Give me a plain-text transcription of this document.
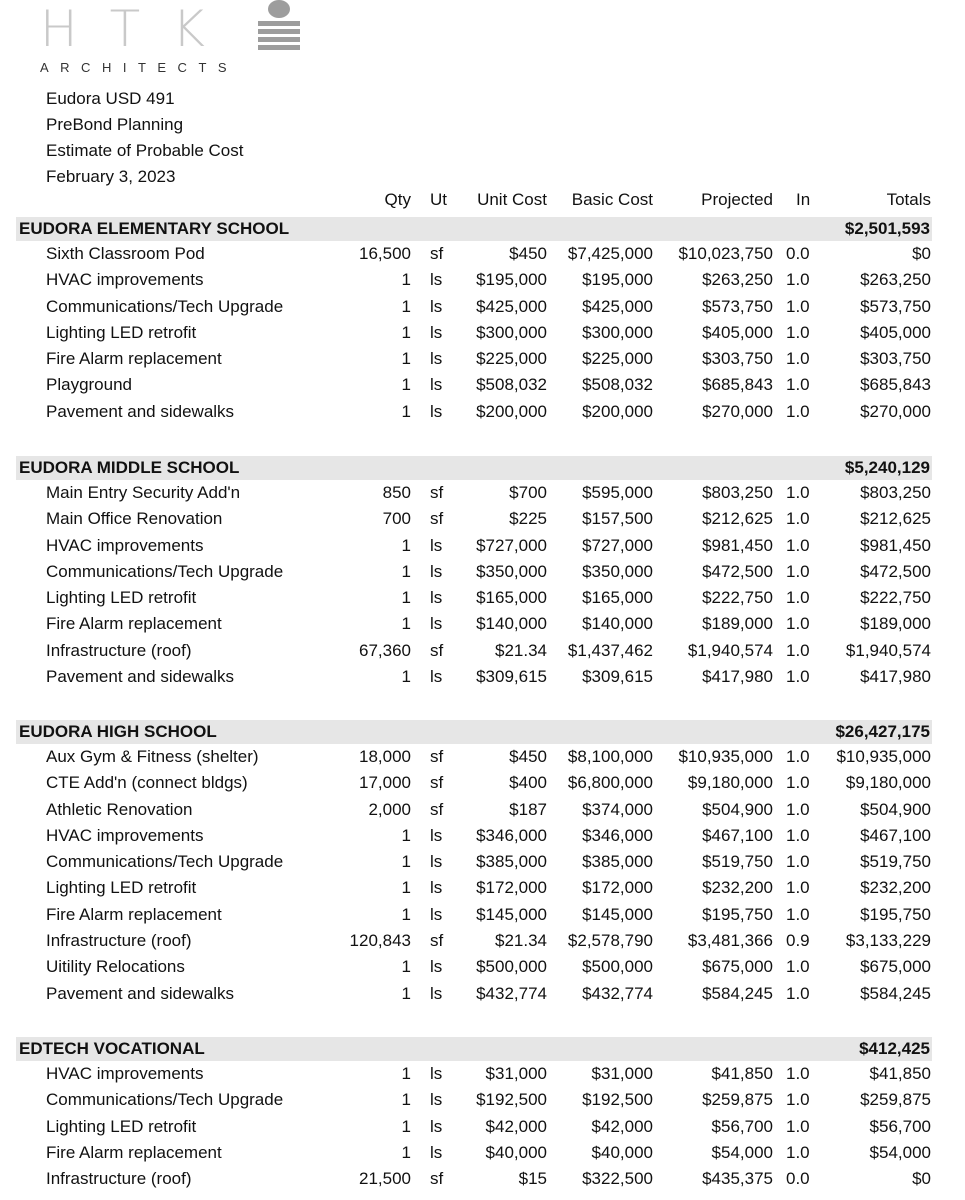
HTK
ARCHITECTS
Eudora USD 491
PreBond Planning
Estimate of Probable Cost
February 3, 2023
Qty Ut Unit Cost Basic Cost	Projected In	Totals
EUDORA ELEMENTARY SCHOOL	$2,501,593
Sixth Classroom Pod	16,500 sf	$450 $7,425,000 $10,023,750 0.0	$0
HVAC improvements	1 ls $195,000 $195,000	$263,250 1.0	$263,250
Communications/Tech Upgrade	1 ls $425,000 $425,000	$573,750 1.0	$573,750
Lighting LED retrofit	1 ls $300,000 $300,000	$405,000 1.0	$405,000
Fire Alarm replacement	1 ls $225,000 $225,000	$303,750 1.0	$303,750
Playground	1 ls $508,032 $508,032	$685,843 1.0	$685,843
Pavement and sidewalks	1 ls $200,000 $200,000	$270,000 1.0	$270,000
EUDORA MIDDLE SCHOOL	$5,240,129
Main Entry Security Add'n	850 sf	$700 $595,000	$803,250 1.0	$803,250
Main Office Renovation	700 sf	$225 $157,500	$212,625 1.0	$212,625
HVAC improvements	1 ls $727,000 $727,000	$981,450 1.0	$981,450
Communications/Tech Upgrade	1 ls $350,000 $350,000	$472,500 1.0	$472,500
Lighting LED retrofit	1 ls $165,000 $165,000	$222,750 1.0	$222,750
Fire Alarm replacement	1 ls $140,000 $140,000	$189,000 1.0	$189,000
Infrastructure (roof)	67,360 sf	$21.34 $1,437,462 $1,940,574 1.0 $1,940,574
Pavement and sidewalks	1 ls $309,615 $309,615	$417,980 1.0	$417,980
EUDORA HIGH SCHOOL	$26,427,175
Aux Gym & Fitness (shelter)	18,000 sf	$450 $8,100,000 $10,935,000 1.0 $10,935,000
CTE Add'n (connect bldgs)	17,000 sf	$400 $6,800,000 $9,180,000 1.0 $9,180,000
Athletic Renovation	2,000 sf	$187 $374,000	$504,900 1.0	$504,900
HVAC improvements	1 ls $346,000 $346,000	$467,100 1.0	$467,100
Communications/Tech Upgrade	1 ls $385,000 $385,000	$519,750 1.0	$519,750
Lighting LED retrofit	1 ls $172,000 $172,000	$232,200 1.0	$232,200
Fire Alarm replacement	1 ls $145,000 $145,000	$195,750 1.0	$195,750
Infrastructure (roof)	120,843 sf	$21.34 $2,578,790 $3,481,366 0.9 $3,133,229
Uitility Relocations	1 ls $500,000 $500,000	$675,000 1.0	$675,000
Pavement and sidewalks	1 ls $432,774 $432,774	$584,245 1.0	$584,245
EDTECH VOCATIONAL	$412,425
HVAC improvements	1 ls	$31,000	$31,000	$41,850 1.0	$41,850
Communications/Tech Upgrade	1 ls $192,500 $192,500	$259,875 1.0	$259,875
Lighting LED retrofit	1 ls	$42,000	$42,000	$56,700 1.0	$56,700
Fire Alarm replacement	1 ls	$40,000	$40,000	$54,000 1.0	$54,000
Infrastructure (roof)	21,500 sf	$15 $322,500	$435,375 0.0	$0
